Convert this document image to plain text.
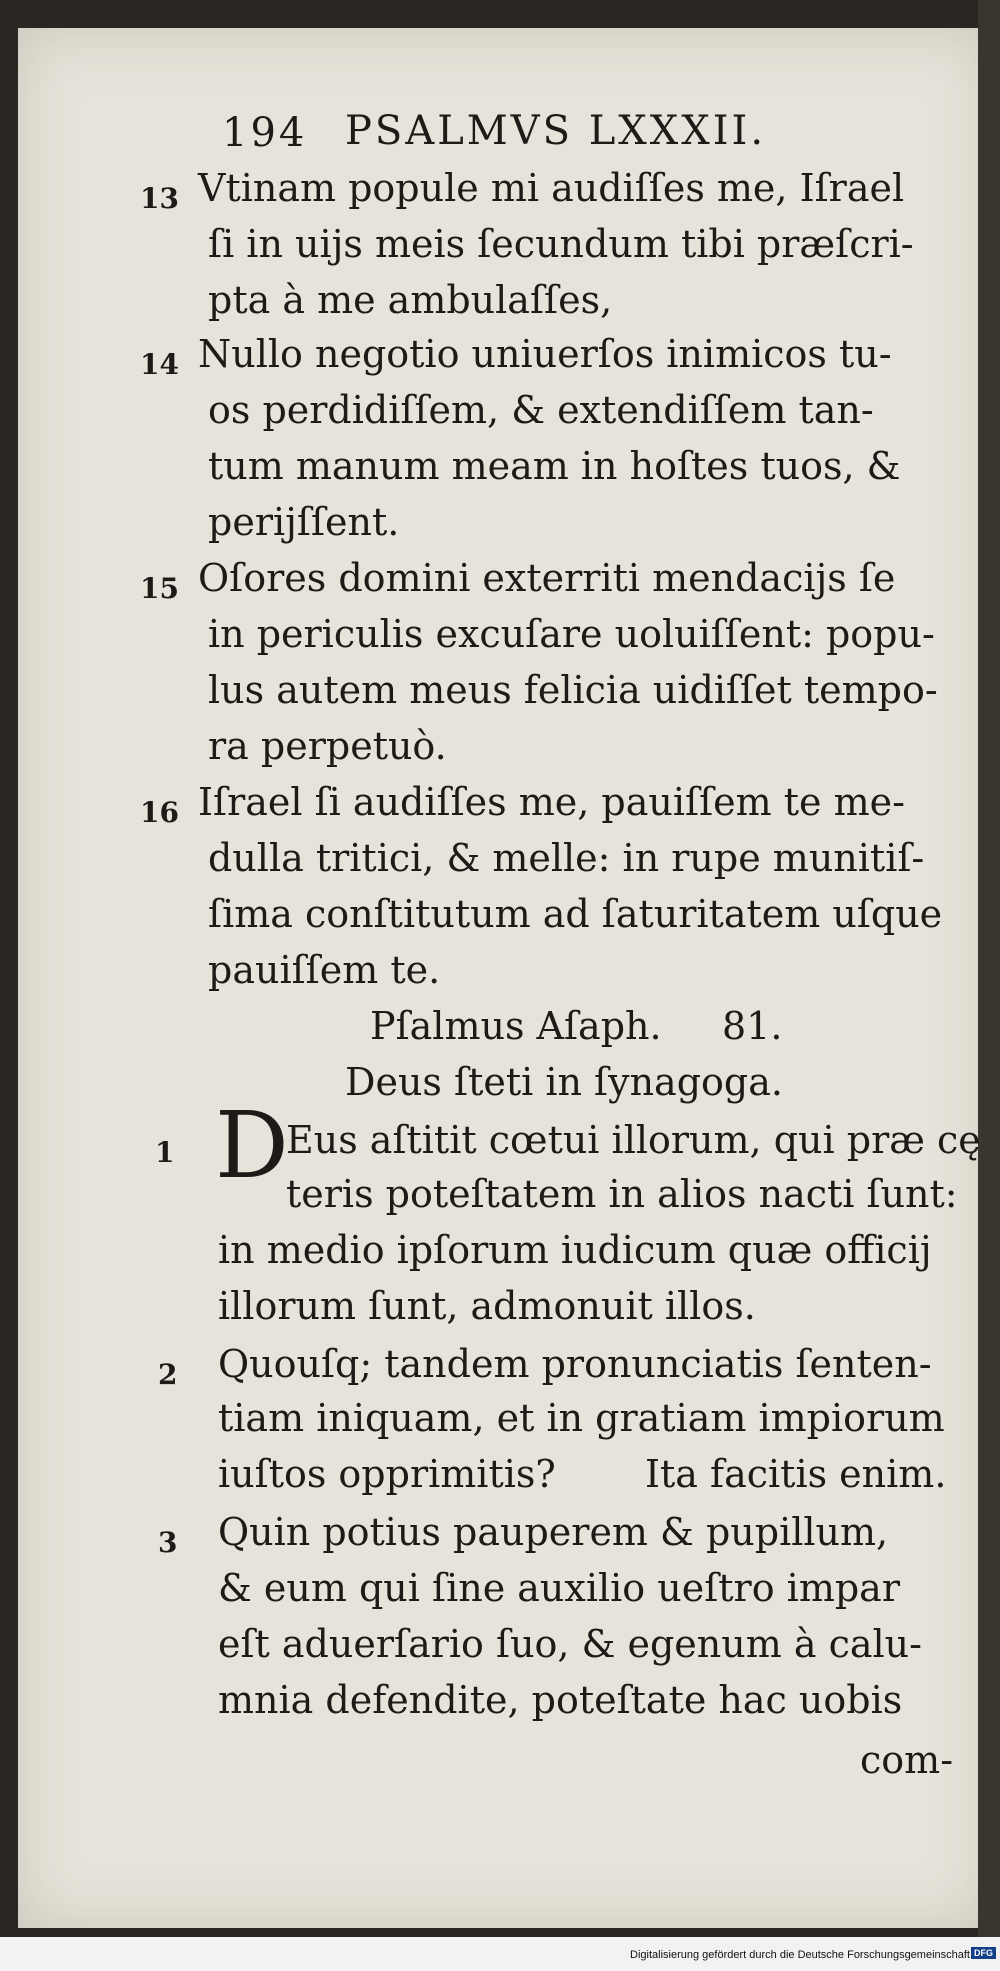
194 PSALMVS LXXXII.
13 Vtinam popule mi audiſſes me, Iſrael
ſi in uijs meis ſecundum tibi præſcri-
pta à me ambulaſſes,
14 Nullo negotio uniuerſos inimicos tu-
os perdidiſſem, & extendiſſem tan-
tum manum meam in hoſtes tuos, &
perijſſent.
15 Oſores domini exterriti mendacijs ſe
in periculis excuſare uoluiſſent: popu-
lus autem meus felicia uidiſſet tempo-
ra perpetuò.
16 Iſrael ſi audiſſes me, pauiſſem te me-
dulla tritici, & melle: in rupe munitiſ-
ſima conſtitutum ad ſaturitatem uſque
pauiſſem te.
Pſalmus Aſaph. 81.
Deus ſteti in ſynagoga.
1 D
Eus aſtitit cœtui illorum, qui præ cę
teris poteſtatem in alios nacti ſunt:
in medio ipſorum iudicum quæ officij
illorum ſunt, admonuit illos.
2 Quouſq; tandem pronunciatis ſenten-
tiam iniquam, et in gratiam impiorum
iuſtos opprimitis? Ita facitis enim.
3 Quin potius pauperem & pupillum,
& eum qui ſine auxilio ueſtro impar
eſt aduerſario ſuo, & egenum à calu-
mnia defendite, poteſtate hac uobis
com-
Digitalisierung gefördert durch die Deutsche Forschungsgemeinschaft DFG
